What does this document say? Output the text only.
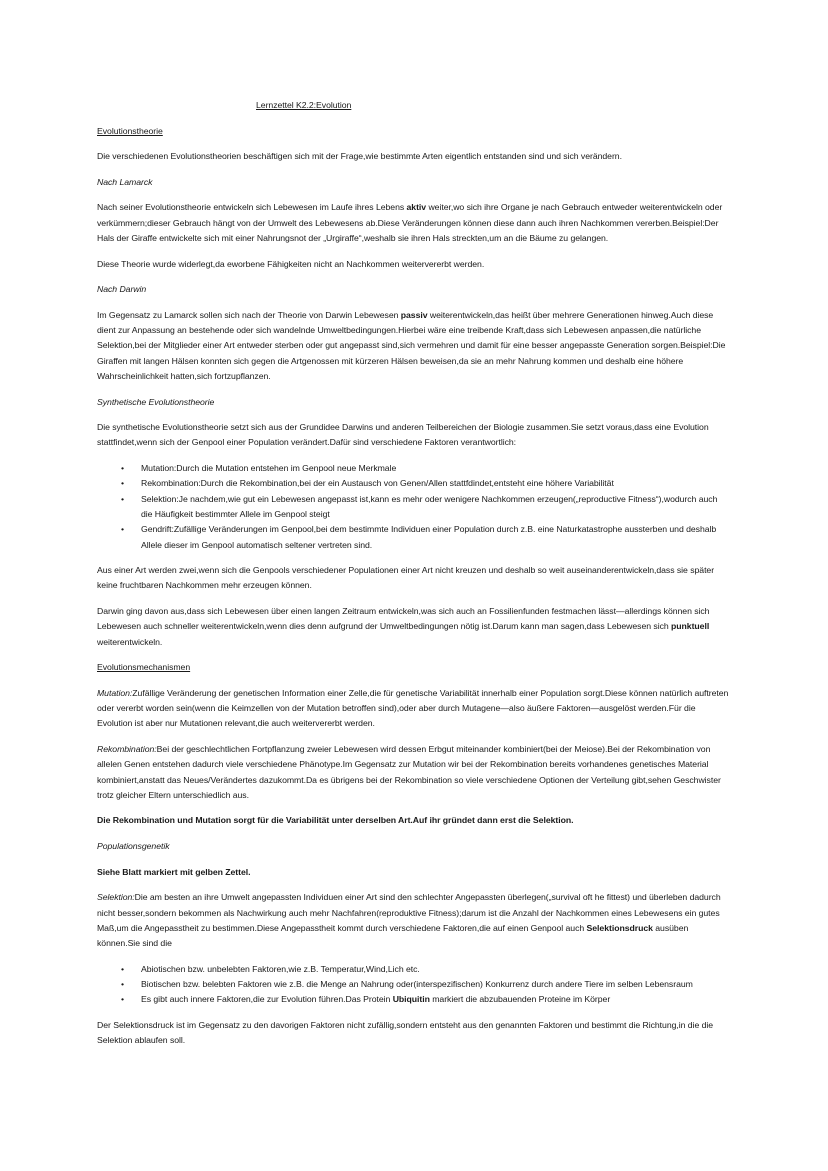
Lernzettel K2.2:Evolution

Evolutionstheorie

Die verschiedenen Evolutionstheorien beschäftigen sich mit der Frage,wie bestimmte Arten eigentlich entstanden sind und sich verändern.

Nach Lamarck

Nach seiner Evolutionstheorie entwickeln sich Lebewesen im Laufe ihres Lebens aktiv weiter,wo sich ihre Organe je nach Gebrauch entweder weiterentwickeln oder verkümmern;dieser Gebrauch hängt von der Umwelt des Lebewesens ab.Diese Veränderungen können diese dann auch ihren Nachkommen vererben.Beispiel:Der Hals der Giraffe entwickelte sich mit einer Nahrungsnot der „Urgiraffe“,weshalb sie ihren Hals streckten,um an die Bäume zu gelangen.

Diese Theorie wurde widerlegt,da eworbene Fähigkeiten nicht an Nachkommen weitervererbt werden.

Nach Darwin

Im Gegensatz zu Lamarck sollen sich nach der Theorie von Darwin Lebewesen passiv weiterentwickeln,das heißt über mehrere Generationen hinweg.Auch diese dient zur Anpassung an bestehende oder sich wandelnde Umweltbedingungen.Hierbei wäre eine treibende Kraft,dass sich Lebewesen anpassen,die natürliche Selektion,bei der Mitglieder einer Art entweder sterben oder gut angepasst sind,sich vermehren und damit für eine besser angepasste Generation sorgen.Beispiel:Die Giraffen mit langen Hälsen konnten sich gegen die Artgenossen mit kürzeren Hälsen beweisen,da sie an mehr Nahrung kommen und deshalb eine höhere Wahrscheinlichkeit hatten,sich fortzupflanzen.

Synthetische Evolutionstheorie

Die synthetische Evolutionstheorie setzt sich aus der Grundidee Darwins und anderen Teilbereichen der Biologie zusammen.Sie setzt voraus,dass eine Evolution stattfindet,wenn sich der Genpool einer Population verändert.Dafür sind verschiedene Faktoren verantwortlich:

• Mutation:Durch die Mutation entstehen im Genpool neue Merkmale
• Rekombination:Durch die Rekombination,bei der ein Austausch von Genen/Allen stattfdindet,entsteht eine höhere Variabilität
• Selektion:Je nachdem,wie gut ein Lebewesen angepasst ist,kann es mehr oder wenigere Nachkommen erzeugen(„reproductive Fitness“),wodurch auch die Häufigkeit bestimmter Allele im Genpool steigt
• Gendrift:Zufällige Veränderungen im Genpool,bei dem bestimmte Individuen einer Population durch z.B. eine Naturkatastrophe aussterben und deshalb Allele dieser im Genpool automatisch seltener vertreten sind.

Aus einer Art werden zwei,wenn sich die Genpools verschiedener Populationen einer Art nicht kreuzen und deshalb so weit auseinanderentwickeln,dass sie später keine fruchtbaren Nachkommen mehr erzeugen können.

Darwin ging davon aus,dass sich Lebewesen über einen langen Zeitraum entwickeln,was sich auch an Fossilienfunden festmachen lässt—allerdings können sich Lebewesen auch schneller weiterentwickeln,wenn dies denn aufgrund der Umweltbedingungen nötig ist.Darum kann man sagen,dass Lebewesen sich punktuell weiterentwickeln.

Evolutionsmechanismen

Mutation:Zufällige Veränderung der genetischen Information einer Zelle,die für genetische Variabilität innerhalb einer Population sorgt.Diese können natürlich auftreten oder vererbt worden sein(wenn die Keimzellen von der Mutation betroffen sind),oder aber durch Mutagene—also äußere Faktoren—ausgelöst werden.Für die Evolution ist aber nur Mutationen relevant,die auch weitervererbt werden.

Rekombination:Bei der geschlechtlichen Fortpflanzung zweier Lebewesen wird dessen Erbgut miteinander kombiniert(bei der Meiose).Bei der Rekombination von allelen Genen entstehen dadurch viele verschiedene Phänotype.Im Gegensatz zur Mutation wir bei der Rekombination bereits vorhandenes genetisches Material kombiniert,anstatt das Neues/Verändertes dazukommt.Da es übrigens bei der Rekombination so viele verschiedene Optionen der Verteilung gibt,sehen Geschwister trotz gleicher Eltern unterschiedlich aus.

Die Rekombination und Mutation sorgt für die Variabilität unter derselben Art.Auf ihr gründet dann erst die Selektion.

Populationsgenetik

Siehe Blatt markiert mit gelben Zettel.

Selektion:Die am besten an ihre Umwelt angepassten Individuen einer Art sind den schlechter Angepassten überlegen(„survival oft he fittest) und überleben dadurch nicht besser,sondern bekommen als Nachwirkung auch mehr Nachfahren(reproduktive Fitness);darum ist die Anzahl der Nachkommen eines Lebewesens ein gutes Maß,um die Angepasstheit zu bestimmen.Diese Angepasstheit kommt durch verschiedene Faktoren,die auf einen Genpool auch Selektionsdruck ausüben können.Sie sind die

• Abiotischen bzw. unbelebten Faktoren,wie z.B. Temperatur,Wind,Lich etc.
• Biotischen bzw. belebten Faktoren wie z.B. die Menge an Nahrung oder(interspezifischen) Konkurrenz durch andere Tiere im selben Lebensraum
• Es gibt auch innere Faktoren,die zur Evolution führen.Das Protein Ubiquitin markiert die abzubauenden Proteine im Körper

Der Selektionsdruck ist im Gegensatz zu den davorigen Faktoren nicht zufällig,sondern entsteht aus den genannten Faktoren und bestimmt die Richtung,in die die Selektion ablaufen soll.
